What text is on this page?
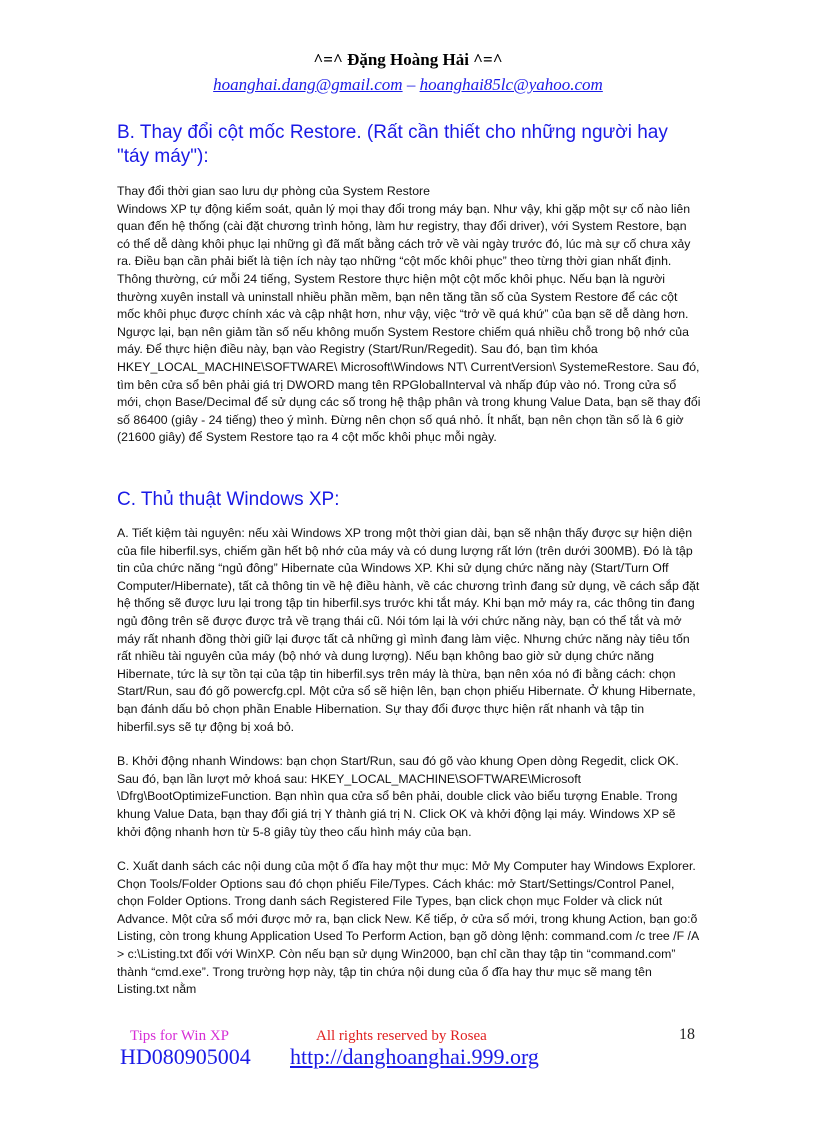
^=^ Đặng Hoàng Hải ^=^
hoanghai.dang@gmail.com – hoanghai85lc@yahoo.com
B. Thay đổi cột mốc Restore. (Rất cần thiết cho những người hay "táy máy"):

Thay đổi thời gian sao lưu dự phòng của System Restore
Windows XP tự động kiểm soát, quản lý mọi thay đổi trong máy bạn. Như vậy, khi gặp một sự cố nào liên quan đến hệ thống (cài đặt chương trình hỏng, làm hư registry, thay đổi driver), với System Restore, bạn có thể dễ dàng khôi phục lại những gì đã mất bằng cách trở về vài ngày trước đó, lúc mà sự cố chưa xảy ra. Điều bạn cần phải biết là tiện ích này tạo những “cột mốc khôi phục” theo từng thời gian nhất định. Thông thường, cứ mỗi 24 tiếng, System Restore thực hiện một cột mốc khôi phục. Nếu bạn là người thường xuyên install và uninstall nhiều phần mềm, bạn nên tăng tần số của System Restore để các cột mốc khôi phục được chính xác và cập nhật hơn, như vậy, việc “trở về quá khứ” của bạn sẽ dễ dàng hơn. Ngược lại, bạn nên giảm tần số nếu không muốn System Restore chiếm quá nhiều chỗ trong bộ nhớ của máy. Để thực hiện điều này, bạn vào Registry (Start/Run/Regedit). Sau đó, bạn tìm khóa HKEY_LOCAL_MACHINE\SOFTWARE\ Microsoft\Windows NT\ CurrentVersion\ SystemeRestore. Sau đó, tìm bên cửa sổ bên phải giá trị DWORD mang tên RPGlobalInterval và nhấp đúp vào nó. Trong cửa sổ mới, chọn Base/Decimal để sử dụng các số trong hệ thập phân và trong khung Value Data, bạn sẽ thay đổi số 86400 (giây - 24 tiếng) theo ý mình. Đừng nên chọn số quá nhỏ. Ít nhất, bạn nên chọn tần số là 6 giờ (21600 giây) để System Restore tạo ra 4 cột mốc khôi phục mỗi ngày.

C. Thủ thuật Windows XP:

A. Tiết kiệm tài nguyên: nếu xài Windows XP trong một thời gian dài, bạn sẽ nhận thấy được sự hiện diện của file hiberfil.sys, chiếm gần hết bộ nhớ của máy và có dung lượng rất lớn (trên dưới 300MB). Đó là tập tin của chức năng “ngủ đông” Hibernate của Windows XP. Khi sử dụng chức năng này (Start/Turn Off Computer/Hibernate), tất cả thông tin về hệ điều hành, về các chương trình đang sử dụng, về cách sắp đặt hệ thống sẽ được lưu lại trong tập tin hiberfil.sys trước khi tắt máy. Khi bạn mở máy ra, các thông tin đang ngủ đông trên sẽ được được trả về trạng thái cũ. Nói tóm lại là với chức năng này, bạn có thể tắt và mở máy rất nhanh đồng thời giữ lại được tất cả những gì mình đang làm việc. Nhưng chức năng này tiêu tốn rất nhiều tài nguyên của máy (bộ nhớ và dung lượng). Nếu bạn không bao giờ sử dụng chức năng Hibernate, tức là sự tồn tại của tập tin hiberfil.sys trên máy là thừa, bạn nên xóa nó đi bằng cách: chọn Start/Run, sau đó gõ powercfg.cpl. Một cửa sổ sẽ hiện lên, bạn chọn phiếu Hibernate. Ở khung Hibernate, bạn đánh dấu bỏ chọn phần Enable Hibernation. Sự thay đổi được thực hiện rất nhanh và tập tin hiberfil.sys sẽ tự động bị xoá bỏ.

B. Khởi động nhanh Windows: bạn chọn Start/Run, sau đó gõ vào khung Open dòng Regedit, click OK. Sau đó, bạn lần lượt mở khoá sau: HKEY_LOCAL_MACHINE\SOFTWARE\Microsoft \Dfrg\BootOptimizeFunction. Bạn nhìn qua cửa sổ bên phải, double click vào biểu tượng Enable. Trong khung Value Data, bạn thay đổi giá trị Y thành giá trị N. Click OK và khởi động lại máy. Windows XP sẽ khởi động nhanh hơn từ 5-8 giây tùy theo cấu hình máy của bạn.

C. Xuất danh sách các nội dung của một ổ đĩa hay một thư mục: Mở My Computer hay Windows Explorer. Chọn Tools/Folder Options sau đó chọn phiếu File/Types. Cách khác: mở Start/Settings/Control Panel, chọn Folder Options. Trong danh sách Registered File Types, bạn click chọn mục Folder và click nút Advance. Một cửa sổ mới được mở ra, bạn click New. Kế tiếp, ở cửa sổ mới, trong khung Action, bạn go:õ Listing, còn trong khung Application Used To Perform Action, bạn gõ dòng lệnh: command.com /c tree /F /A > c:\Listing.txt đối với WinXP. Còn nếu bạn sử dụng Win2000, bạn chỉ cần thay tập tin “command.com” thành “cmd.exe”. Trong trường hợp này, tập tin chứa nội dung của ổ đĩa hay thư mục sẽ mang tên Listing.txt nằm

Tips for Win XP	All rights reserved by Rosea	18
HD080905004 http://danghoanghai.999.org
